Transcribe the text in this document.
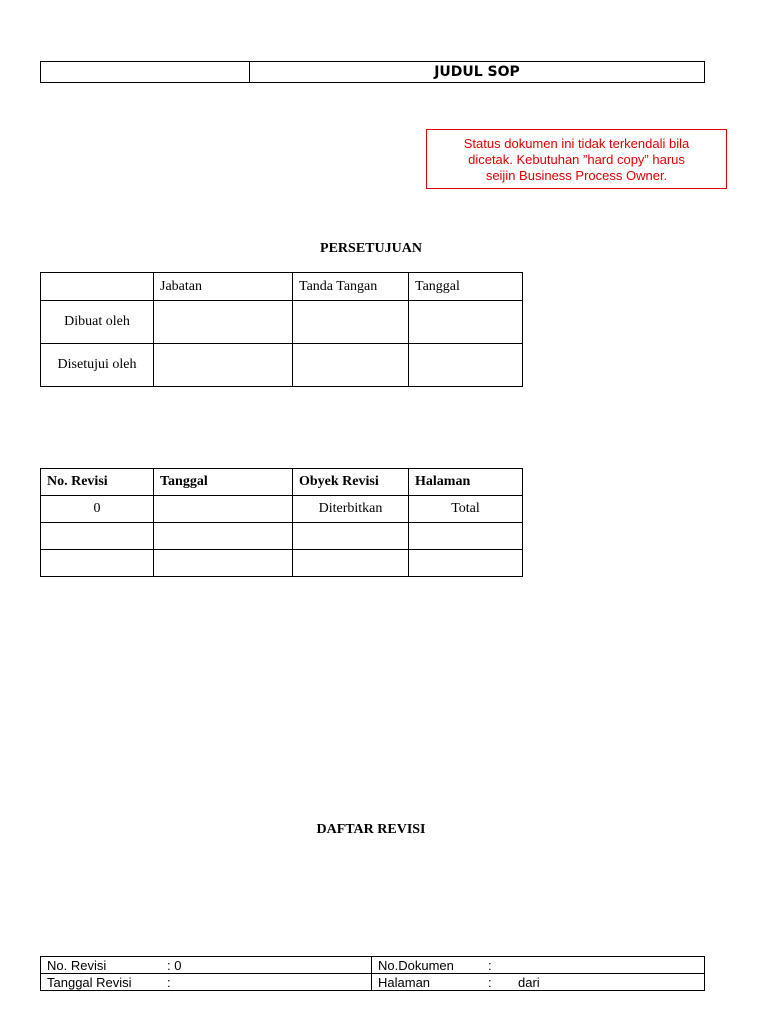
	JUDUL SOP
Status dokumen ini tidak terkendali bila
dicetak. Kebutuhan ”hard copy” harus
seijin Business Process Owner.
PERSETUJUAN
	Jabatan	Tanda Tangan	Tanggal
Dibuat oleh			
Disetujui oleh			
No. Revisi	Tanggal	Obyek Revisi	Halaman
0		Diterbitkan	Total

DAFTAR REVISI
No. Revisi : 0	No.Dokumen :
Tanggal Revisi :	Halaman : dari
